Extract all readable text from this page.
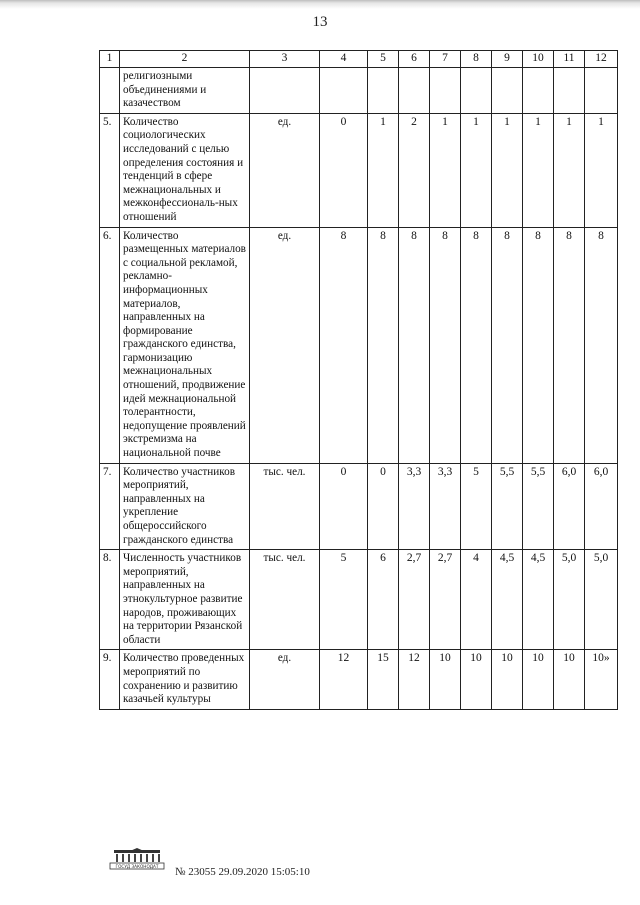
13
1	2	3	4	5	6	7	8	9	10	11	12
	религиозными объединениями и казачеством										
5.	Количество социологических исследований с целью определения состояния и тенденций в сфере межнациональных и межконфессиональ-ных отношений	ед.	0	1	2	1	1	1	1	1	1
6.	Количество размещенных материалов с социальной рекламой, рекламно-информационных материалов, направленных на формирование гражданского единства, гармонизацию межнациональных отношений, продвижение идей межнациональной толерантности, недопущение проявлений экстремизма на национальной почве	ед.	8	8	8	8	8	8	8	8	8
7.	Количество участников мероприятий, направленных на укрепление общероссийского гражданского единства	тыс. чел.	0	0	3,3	3,3	5	5,5	5,5	6,0	6,0
8.	Численность участников мероприятий, направленных на этнокультурное развитие народов, проживающих на территории Рязанской области	тыс. чел.	5	6	2,7	2,7	4	4,5	4,5	5,0	5,0
9.	Количество проведенных мероприятий по сохранению и развитию казачьей культуры	ед.	12	15	12	10	10	10	10	10	10»
ГОСУД ЗАКОНОДАТ № 23055 29.09.2020 15:05:10
